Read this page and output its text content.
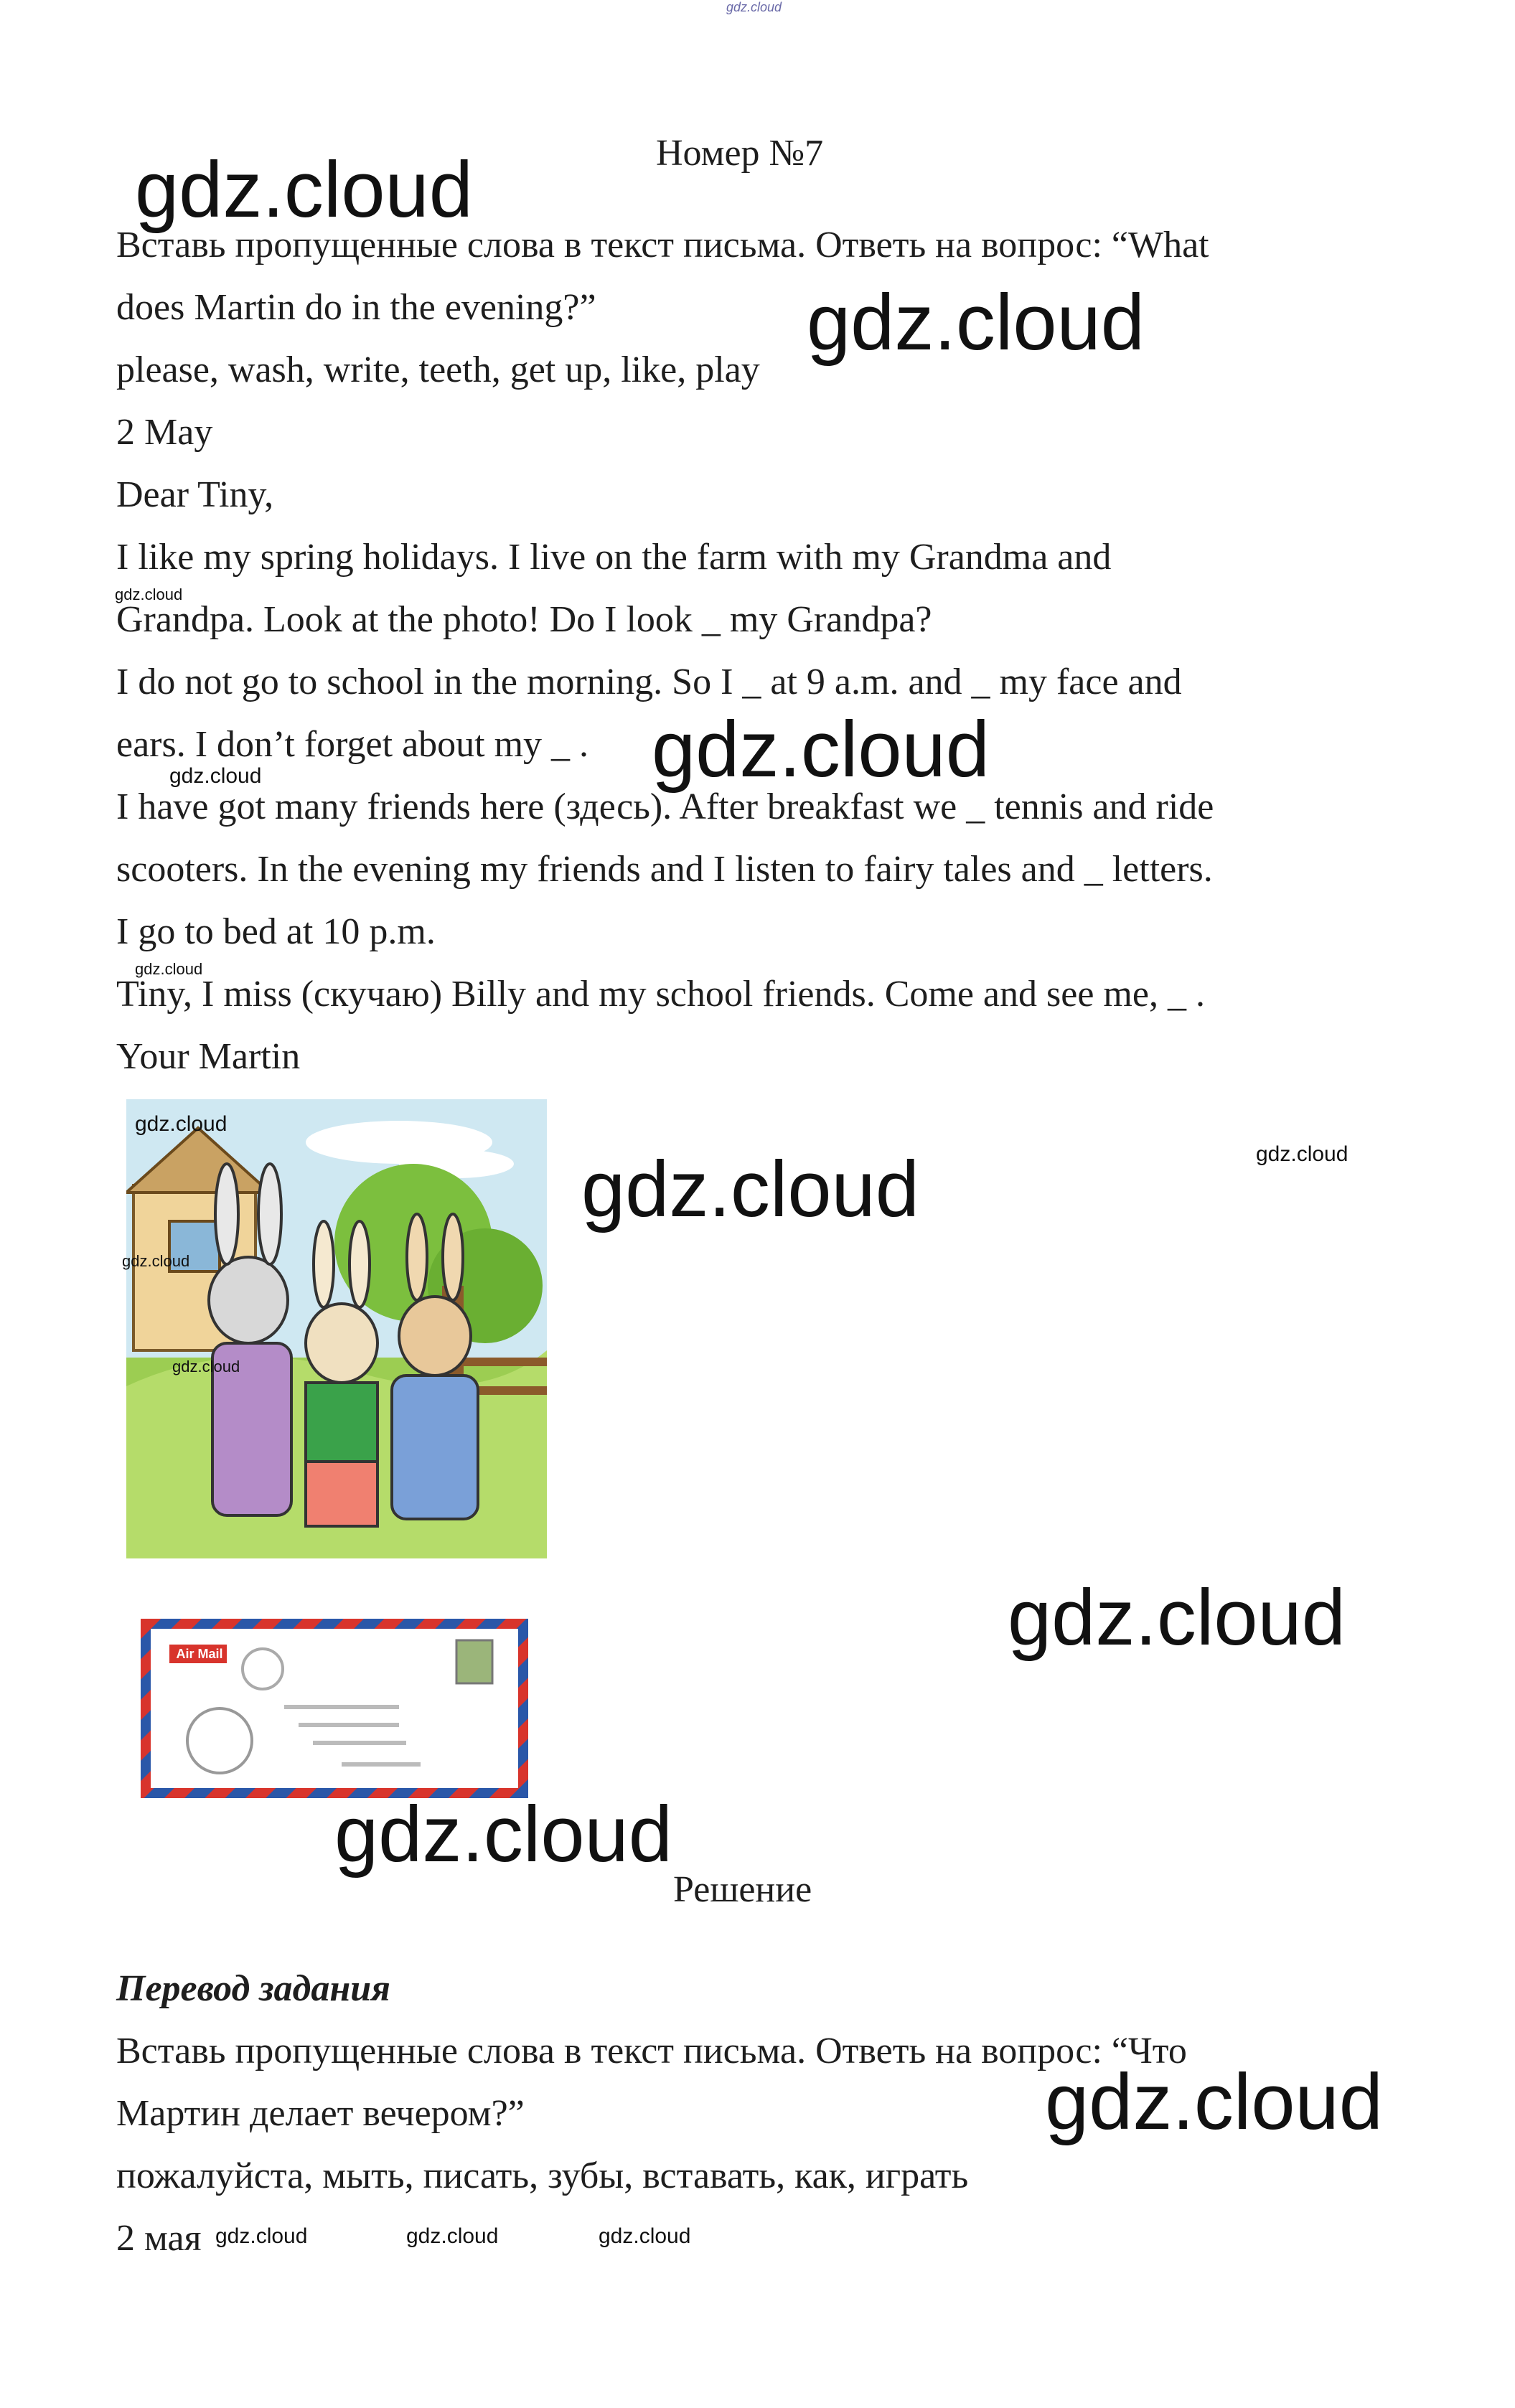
gdz.cloud
Номер №7
Вставь пропущенные слова в текст письма. Ответь на вопрос: “What
does Martin do in the evening?”
please, wash, write, teeth, get up, like, play
2 May
Dear Tiny,
I like my spring holidays. I live on the farm with my Grandma and
Grandpa. Look at the photo! Do I look _ my Grandpa?
I do not go to school in the morning. So I _ at 9 a.m. and _ my face and
ears. I don’t forget about my _ .
I have got many friends here (здесь). After breakfast we _ tennis and ride
scooters. In the evening my friends and I listen to fairy tales and _ letters.
I go to bed at 10 p.m.
Tiny, I miss (скучаю) Billy and my school friends. Come and see me, _ .
Your Martin
Air Mail
Решение
Перевод задания
Вставь пропущенные слова в текст письма. Ответь на вопрос: “Что
Мартин делает вечером?”
пожалуйста, мыть, писать, зубы, вставать, как, играть
2 мая
gdz.cloud
gdz.cloud
gdz.cloud
gdz.cloud
gdz.cloud
gdz.cloud
gdz.cloud
gdz.cloud	gdz.cloud
gdz.cloud
gdz.cloud
gdz.cloud
gdz.cloud
gdz.cloud
gdz.cloud	gdz.cloud	gdz.cloud
